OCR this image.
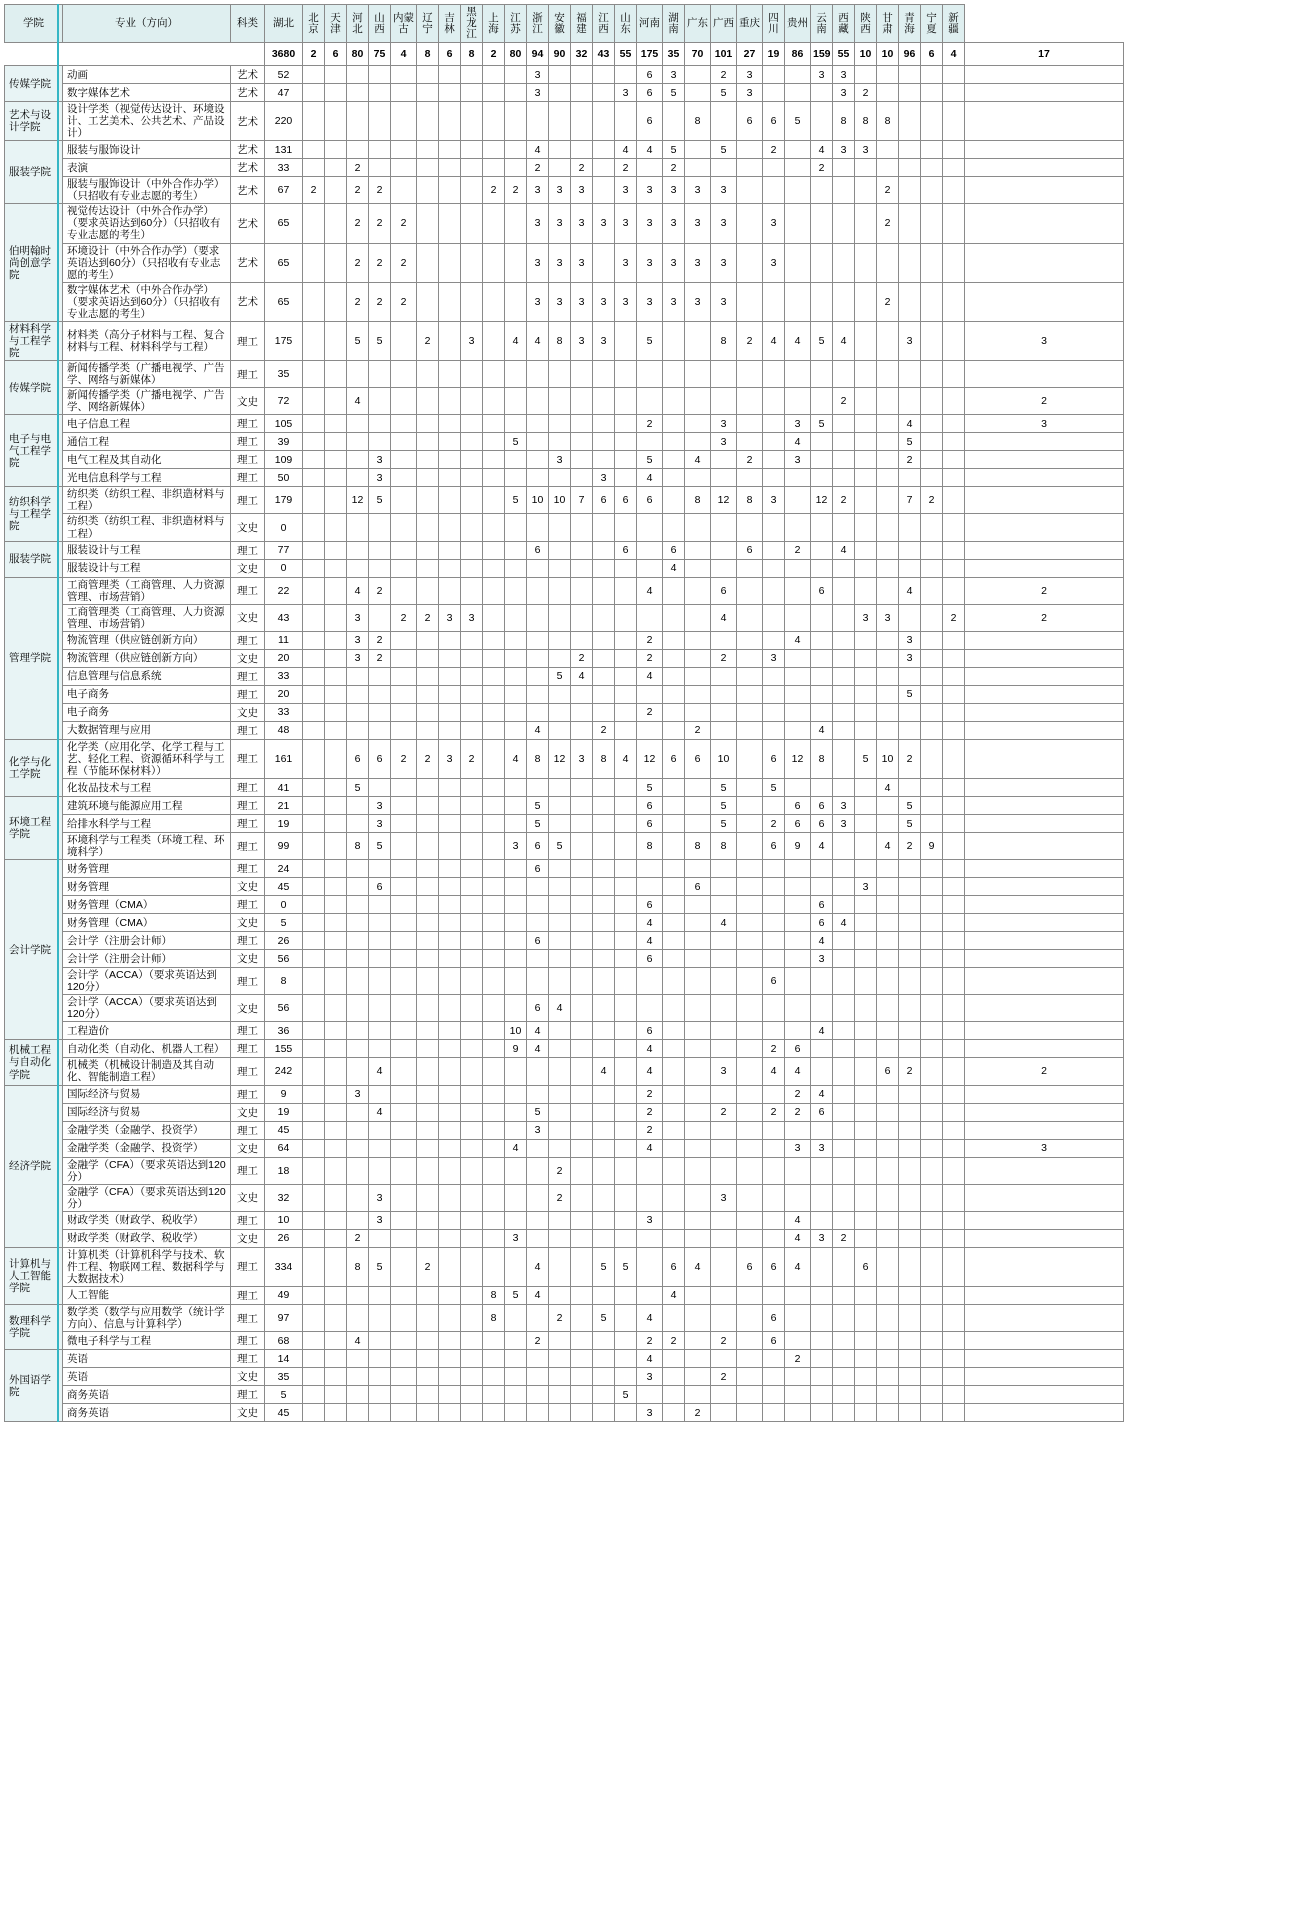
学院	专业（方向）	科类	湖北	北京	天津	河北	山西	内蒙古	辽宁	吉林	黑龙江	上海	江苏	浙江	安徽	福建	江西	山东	河南	湖南	广东	广西	重庆	四川	贵州	云南	西藏	陕西	甘肃	青海	宁夏	新疆	
			3680	2	6	80	75	4	8	6	8	2	80	94	90	32	43	55	175	35	70	101	27	19	86	159	55	10	10	96	6	4	17
传媒学院	动画	艺术	52											3					6	3		2	3			3	3						
	数字媒体艺术	艺术	47											3				3	6	5		5	3				3	2					
艺术与设计学院	设计学类（视觉传达设计、环境设计、工艺美术、公共艺术、产品设计）	艺术	220																6		8		6	6	5		8	8	8				
服装学院	服装与服饰设计	艺术	131											4				4	4	5		5		2		4	3	3					
	表演	艺术	33			2								2		2		2		2						2							
	服装与服饰设计（中外合作办学）（只招收有专业志愿的考生）	艺术	67	2		2	2					2	2	3	3	3		3	3	3	3	3							2				
伯明翰时尚创意学院	视觉传达设计（中外合作办学）（要求英语达到60分）（只招收有专业志愿的考生）	艺术	65			2	2	2						3	3	3	3	3	3	3	3	3		3					2				
	环境设计（中外合作办学）（要求英语达到60分）（只招收有专业志愿的考生）	艺术	65			2	2	2						3	3	3		3	3	3	3	3		3									
	数字媒体艺术（中外合作办学）（要求英语达到60分）（只招收有专业志愿的考生）	艺术	65			2	2	2						3	3	3	3	3	3	3	3	3							2				
材料科学与工程学院	材料类（高分子材料与工程、复合材料与工程、材料科学与工程）	理工	175			5	5		2		3		4	4	8	3	3		5			8	2	4	4	5	4			3			3
传媒学院	新闻传播学类（广播电视学、广告学、网络与新媒体）	理工	35																														
	新闻传播学类（广播电视学、广告学、网络新媒体）	文史	72			4																					2						2
电子与电气工程学院	电子信息工程	理工	105																2			3			3	5				4			3
	通信工程	理工	39										5									3			4					5			
	电气工程及其自动化	理工	109				3								3				5		4		2		3					2			
	光电信息科学与工程	理工	50				3										3		4														
纺织科学与工程学院	纺织类（纺织工程、非织造材料与工程）	理工	179			12	5						5	10	10	7	6	6	6		8	12	8	3		12	2			7	2		
	纺织类（纺织工程、非织造材料与工程）	文史	0																														
服装学院	服装设计与工程	理工	77											6				6		6			6		2		4						
	服装设计与工程	文史	0																	4													
管理学院	工商管理类（工商管理、人力资源管理、市场营销）	理工	22			4	2												4			6				6				4			2
	工商管理类（工商管理、人力资源管理、市场营销）	文史	43			3		2	2	3	3											4						3	3			2	2
	物流管理（供应链创新方向）	理工	11			3	2												2						4					3			
	物流管理（供应链创新方向）	文史	20			3	2									2			2			2		3						3			
	信息管理与信息系统	理工	33												5	4			4														
	电子商务	理工	20																											5			
	电子商务	文史	33																2														
	大数据管理与应用	理工	48											4			2				2					4							
化学与化工学院	化学类（应用化学、化学工程与工艺、轻化工程、资源循环科学与工程（节能环保材料））	理工	161			6	6	2	2	3	2		4	8	12	3	8	4	12	6	6	10		6	12	8		5	10	2			
	化妆品技术与工程	理工	41			5													5			5		5					4				
环境工程学院	建筑环境与能源应用工程	理工	21				3							5					6			5			6	6	3			5			
	给排水科学与工程	理工	19				3							5					6			5		2	6	6	3			5			
	环境科学与工程类（环境工程、环境科学）	理工	99			8	5						3	6	5				8		8	8		6	9	4			4	2	9		
会计学院	财务管理	理工	24											6																			
	财务管理	文史	45				6														6							3					
	财务管理（CMA）	理工	0																6							6							
	财务管理（CMA）	文史	5																4			4				6	4						
	会计学（注册会计师）	理工	26											6					4							4							
	会计学（注册会计师）	文史	56																6							3							
	会计学（ACCA）（要求英语达到120分）	理工	8																					6									
	会计学（ACCA）（要求英语达到120分）	文史	56											6	4																		
	工程造价	理工	36										10	4					6							4							
机械工程与自动化学院	自动化类（自动化、机器人工程）	理工	155										9	4					4					2	6								
	机械类（机械设计制造及其自动化、智能制造工程）	理工	242				4										4		4			3		4	4				6	2			2
经济学院	国际经济与贸易	理工	9			3													2						2	4							
	国际经济与贸易	文史	19				4							5					2			2		2	2	6							
	金融学类（金融学、投资学）	理工	45											3					2														
	金融学类（金融学、投资学）	文史	64										4						4						3	3							3
	金融学（CFA）（要求英语达到120分）	理工	18												2																		
	金融学（CFA）（要求英语达到120分）	文史	32				3								2							3											
	财政学类（财政学、税收学）	理工	10				3												3						4								
	财政学类（财政学、税收学）	文史	26			2							3												4	3	2						
计算机与人工智能学院	计算机类（计算机科学与技术、软件工程、物联网工程、数据科学与大数据技术）	理工	334			8	5		2					4			5	5		6	4		6	6	4			6					
	人工智能	理工	49									8	5	4						4													
数理科学学院	数学类（数学与应用数学（统计学方向）、信息与计算科学）	理工	97									8			2		5		4					6									
	微电子科学与工程	理工	68			4								2					2	2		2		6									
外国语学院	英语	理工	14																4						2								
	英语	文史	35																3			2											
	商务英语	理工	5															5															
	商务英语	文史	45																3		2												
